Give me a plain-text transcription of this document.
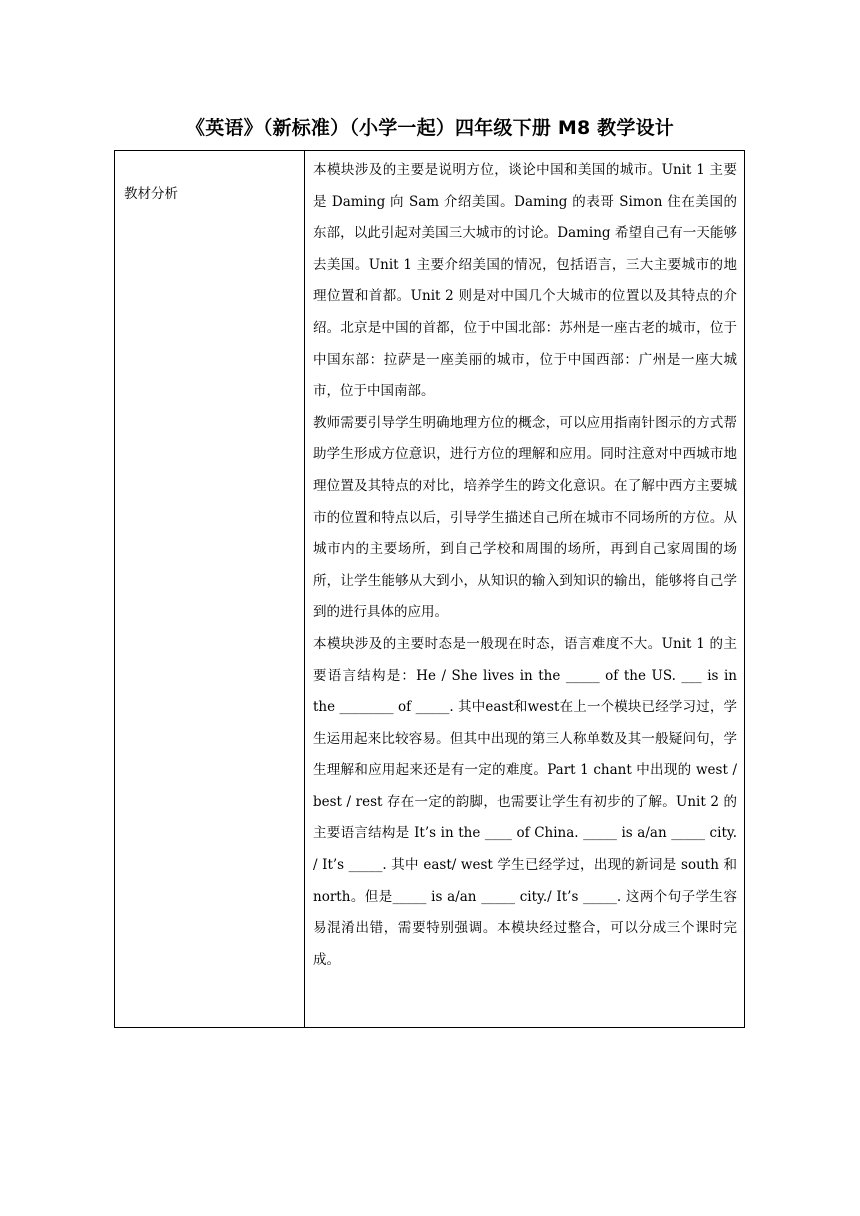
《英语》（新标准）（小学一起）四年级下册 M8 教学设计
教材分析

本模块涉及的主要是说明方位，谈论中国和美国的城市。Unit 1 主要是 Daming 向 Sam 介绍美国。Daming 的表哥 Simon 住在美国的东部，以此引起对美国三大城市的讨论。Daming 希望自己有一天能够去美国。Unit 1 主要介绍美国的情况，包括语言，三大主要城市的地理位置和首都。Unit 2 则是对中国几个大城市的位置以及其特点的介绍。北京是中国的首都，位于中国北部：苏州是一座古老的城市，位于中国东部：拉萨是一座美丽的城市，位于中国西部：广州是一座大城市，位于中国南部。

教师需要引导学生明确地理方位的概念，可以应用指南针图示的方式帮助学生形成方位意识，进行方位的理解和应用。同时注意对中西城市地理位置及其特点的对比，培养学生的跨文化意识。在了解中西方主要城市的位置和特点以后，引导学生描述自己所在城市不同场所的方位。从城市内的主要场所，到自己学校和周围的场所，再到自己家周围的场所，让学生能够从大到小，从知识的输入到知识的输出，能够将自己学到的进行具体的应用。

本模块涉及的主要时态是一般现在时态，语言难度不大。Unit 1 的主要语言结构是：He / She lives in the _____ of the US. ___ is in the ________ of _____. 其中east和west在上一个模块已经学习过，学生运用起来比较容易。但其中出现的第三人称单数及其一般疑问句，学生理解和应用起来还是有一定的难度。Part 1 chant 中出现的 west / best / rest 存在一定的韵脚，也需要让学生有初步的了解。Unit 2 的主要语言结构是 It’s in the ____ of China. _____ is a/an _____ city. / It’s _____. 其中 east/ west 学生已经学过，出现的新词是 south 和 north。但是_____ is a/an _____ city./ It’s _____. 这两个句子学生容易混淆出错，需要特别强调。本模块经过整合，可以分成三个课时完成。
